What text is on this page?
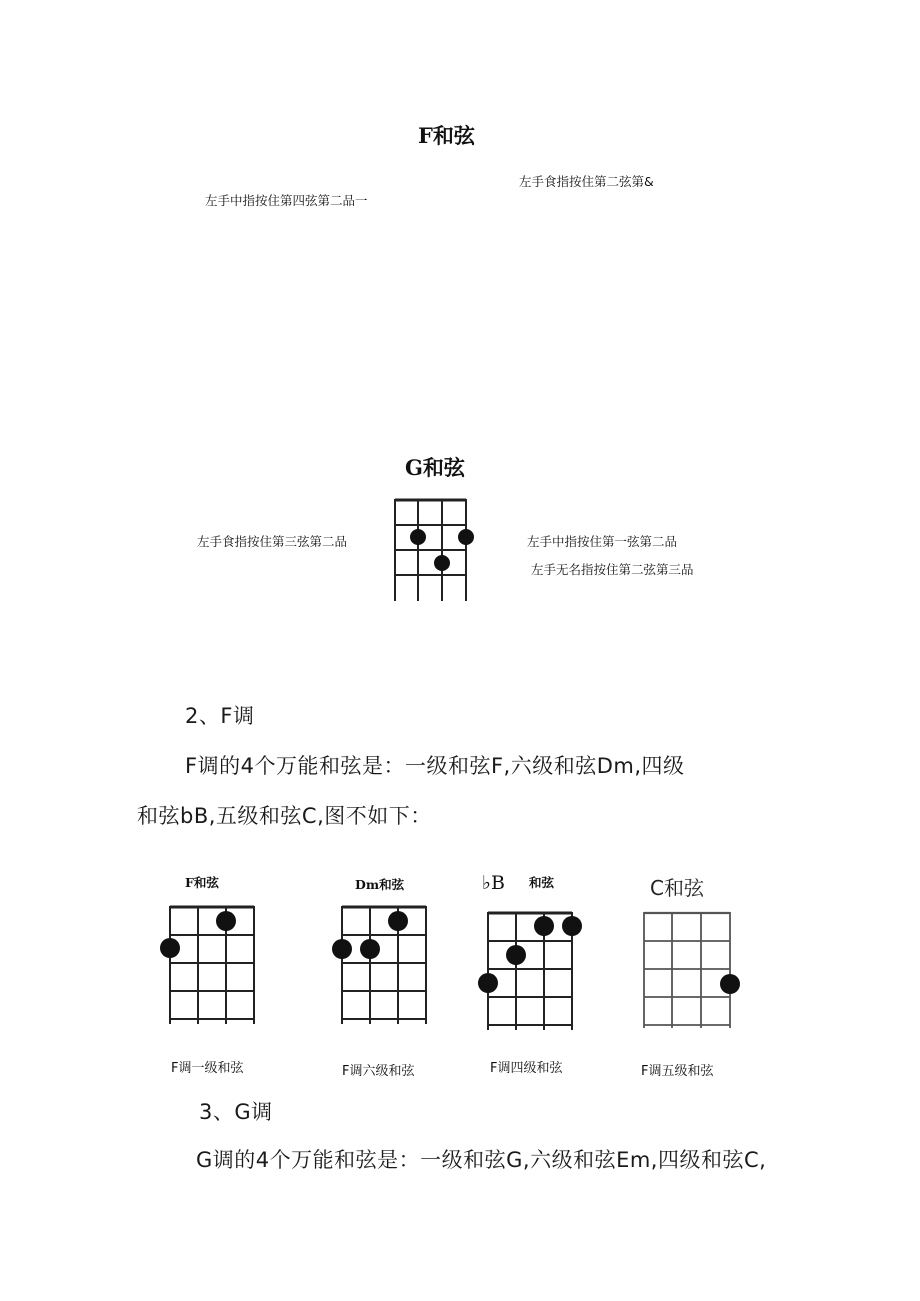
F和弦
左手食指按住第二弦第&
左手中指按住第四弦第二品一
G和弦
左手食指按住第三弦第二品	左手中指按住第一弦第二品
左手无名指按住第二弦第三品
2、F调
F调的4个万能和弦是：一级和弦F,六级和弦Dm,四级
和弦bB,五级和弦C,图不如下：
F和弦
F调一级和弦
Dm和弦
F调六级和弦
♭B 和弦
F调四级和弦
C和弦
F调五级和弦
3、G调
G调的4个万能和弦是：一级和弦G,六级和弦Em,四级和弦C,
